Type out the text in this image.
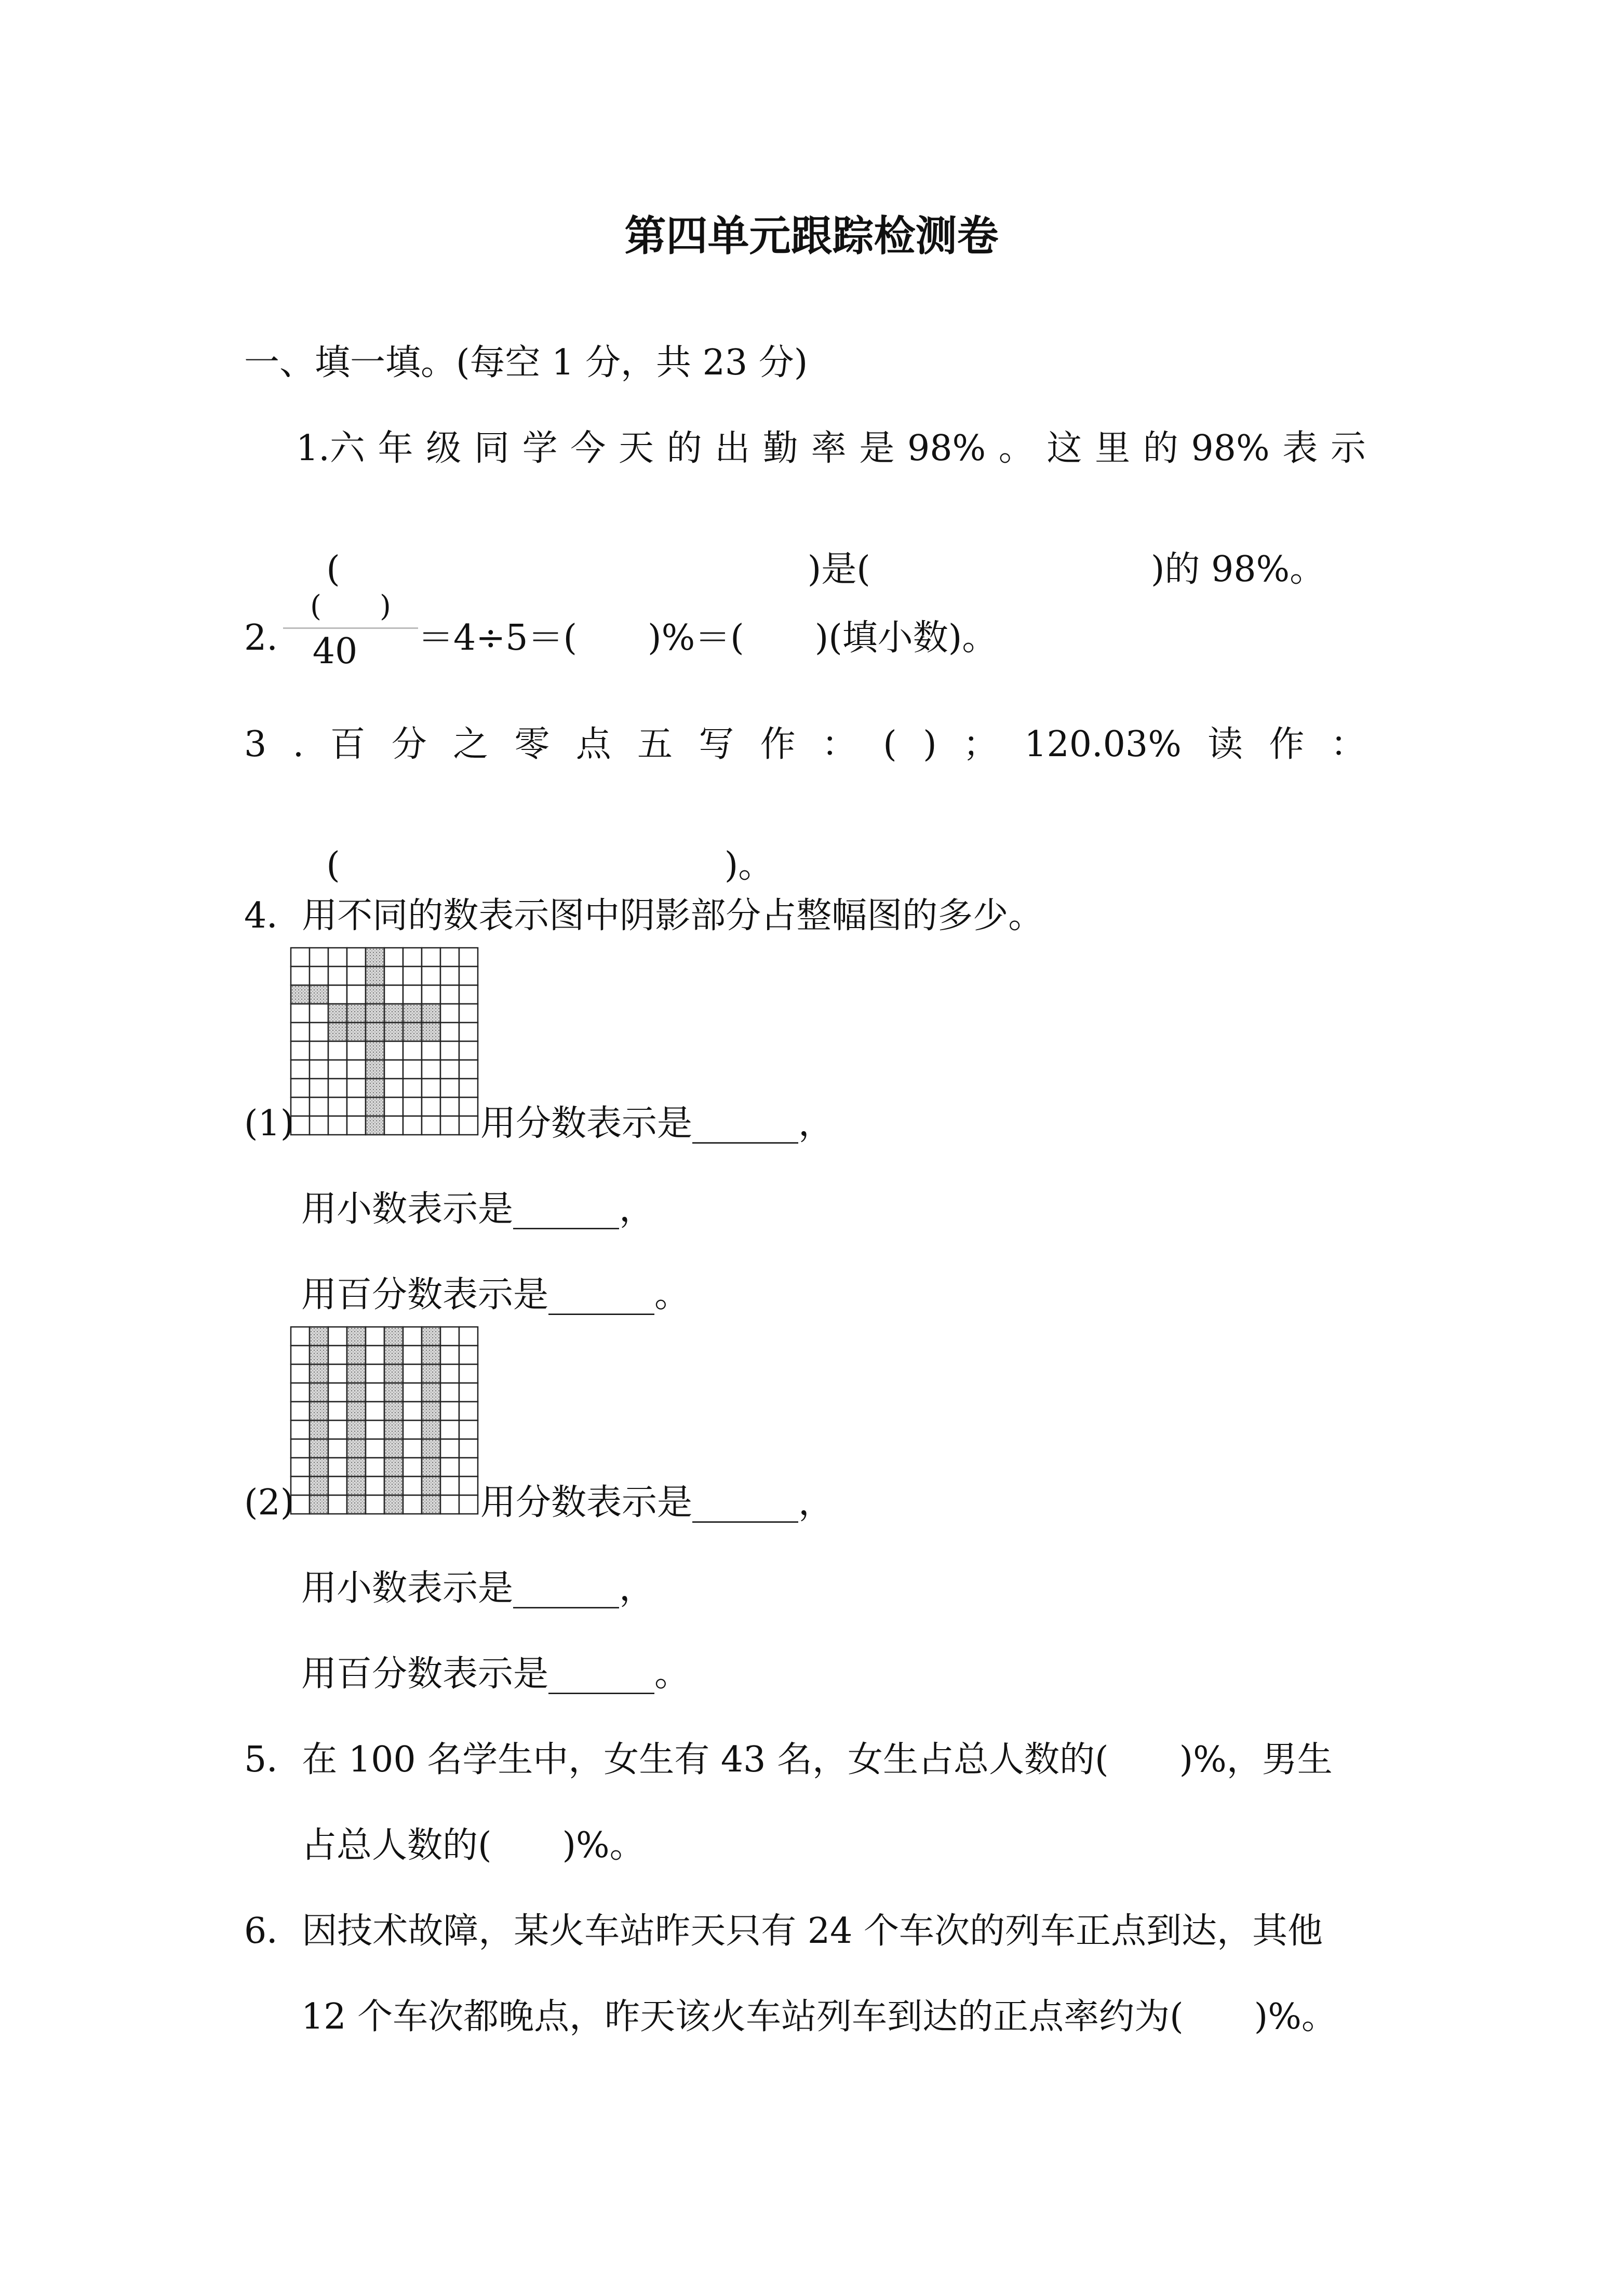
第四单元跟踪检测卷
一、填一填。(每空 1 分，共 23 分)
1.六 年 级 同 学 今 天 的 出 勤 率 是 98% 。 这 里 的 98% 表 示

(	)是(	)的 98%。

2.
(　　)
40	＝4÷5＝(　　)%＝(　　)(填小数)。
3 . 百 分 之 零 点 五 写 作 ： ( ) ； 120.03% 读 作 ：

(	)。

4．用不同的数表示图中阴影部分占整幅图的多少。
(1)	用分数表示是______，
用小数表示是______，
用百分数表示是______。
(2)	用分数表示是______，
用小数表示是______，
用百分数表示是______。
5．在 100 名学生中，女生有 43 名，女生占总人数的(　　)%，男生
占总人数的(　　)%。
6．因技术故障，某火车站昨天只有 24 个车次的列车正点到达，其他
12 个车次都晚点，昨天该火车站列车到达的正点率约为(　　)%。
